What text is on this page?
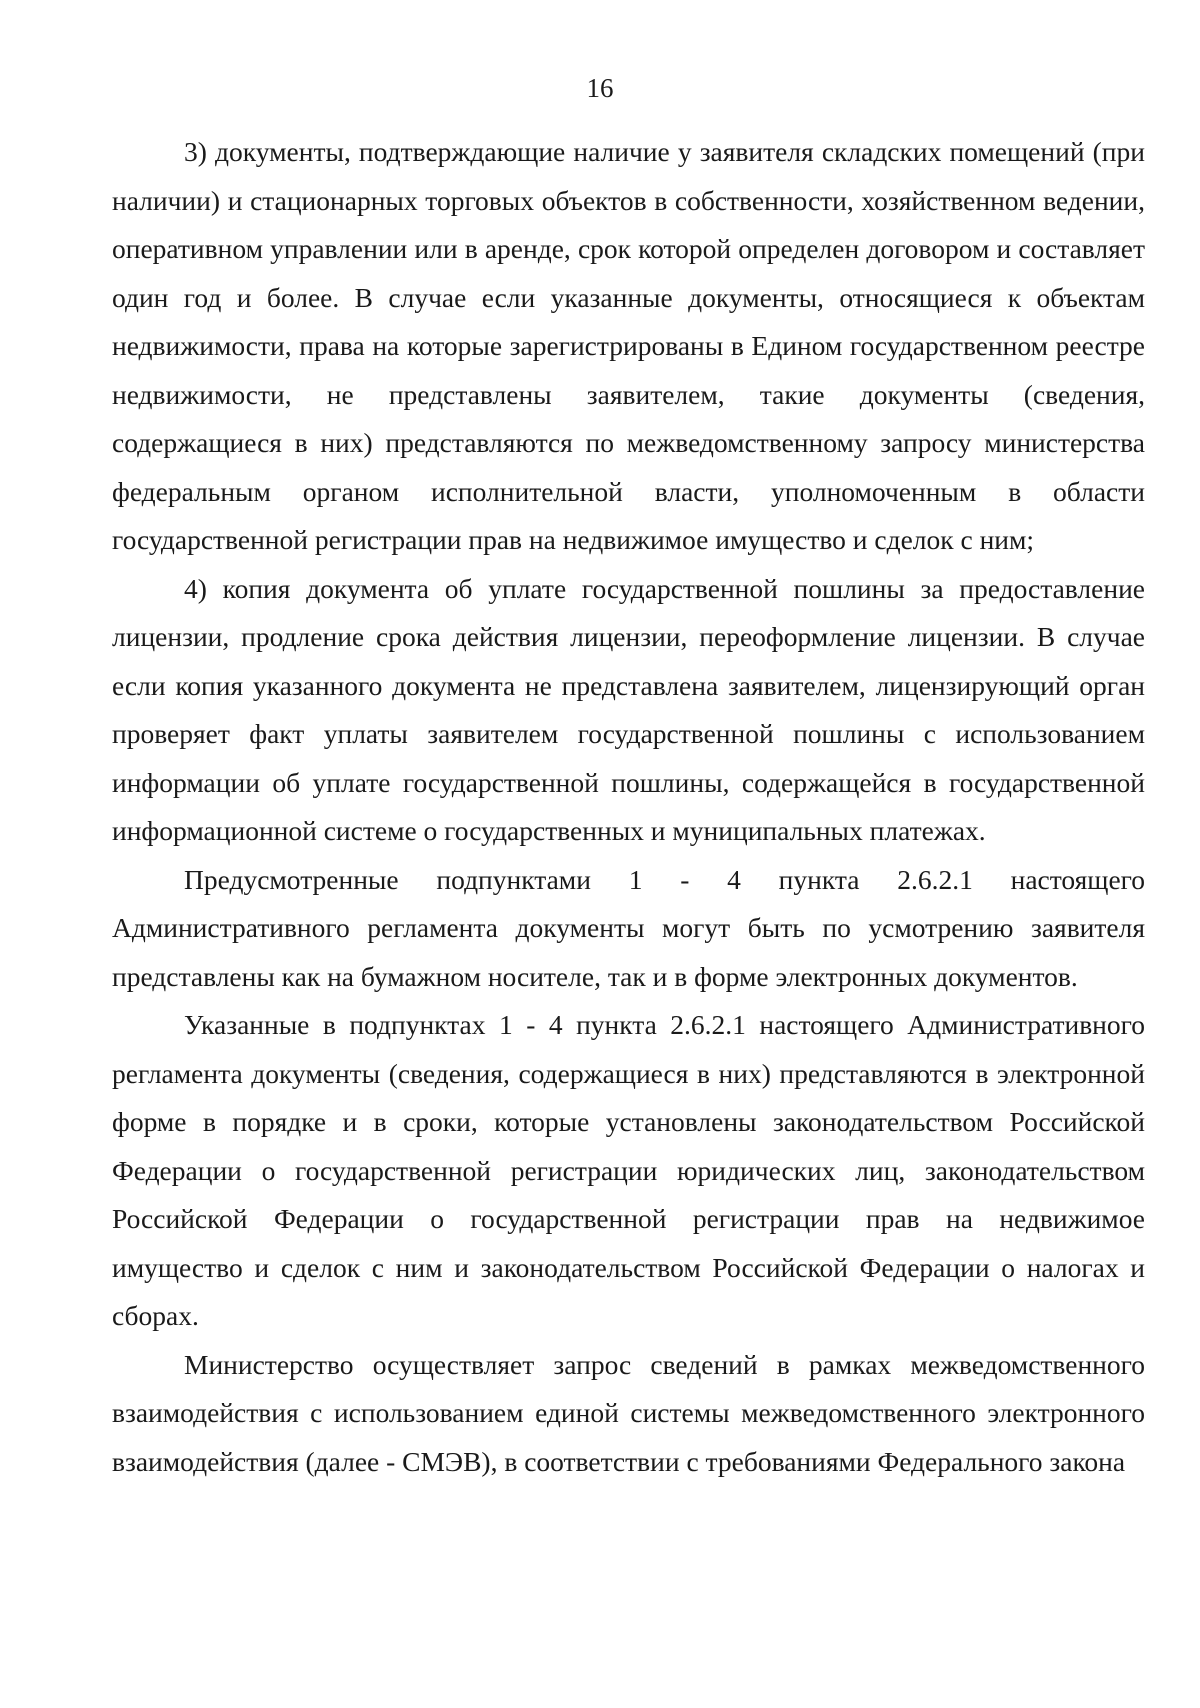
16

3) документы, подтверждающие наличие у заявителя складских помещений (при наличии) и стационарных торговых объектов в собственности, хозяйственном ведении, оперативном управлении или в аренде, срок которой определен договором и составляет один год и более. В случае если указанные документы, относящиеся к объектам недвижимости, права на которые зарегистрированы в Едином государственном реестре недвижимости, не представлены заявителем, такие документы (сведения, содержащиеся в них) представляются по межведомственному запросу министерства федеральным органом исполнительной власти, уполномоченным в области государственной регистрации прав на недвижимое имущество и сделок с ним;

4) копия документа об уплате государственной пошлины за предоставление лицензии, продление срока действия лицензии, переоформление лицензии. В случае если копия указанного документа не представлена заявителем, лицензирующий орган проверяет факт уплаты заявителем государственной пошлины с использованием информации об уплате государственной пошлины, содержащейся в государственной информационной системе о государственных и муниципальных платежах.

Предусмотренные подпунктами 1 - 4 пункта 2.6.2.1 настоящего Административного регламента документы могут быть по усмотрению заявителя представлены как на бумажном носителе, так и в форме электронных документов.

Указанные в подпунктах 1 - 4 пункта 2.6.2.1 настоящего Административного регламента документы (сведения, содержащиеся в них) представляются в электронной форме в порядке и в сроки, которые установлены законодательством Российской Федерации о государственной регистрации юридических лиц, законодательством Российской Федерации о государственной регистрации прав на недвижимое имущество и сделок с ним и законодательством Российской Федерации о налогах и сборах.

Министерство осуществляет запрос сведений в рамках межведомственного взаимодействия с использованием единой системы межведомственного электронного взаимодействия (далее - СМЭВ), в соответствии с требованиями Федерального закона
